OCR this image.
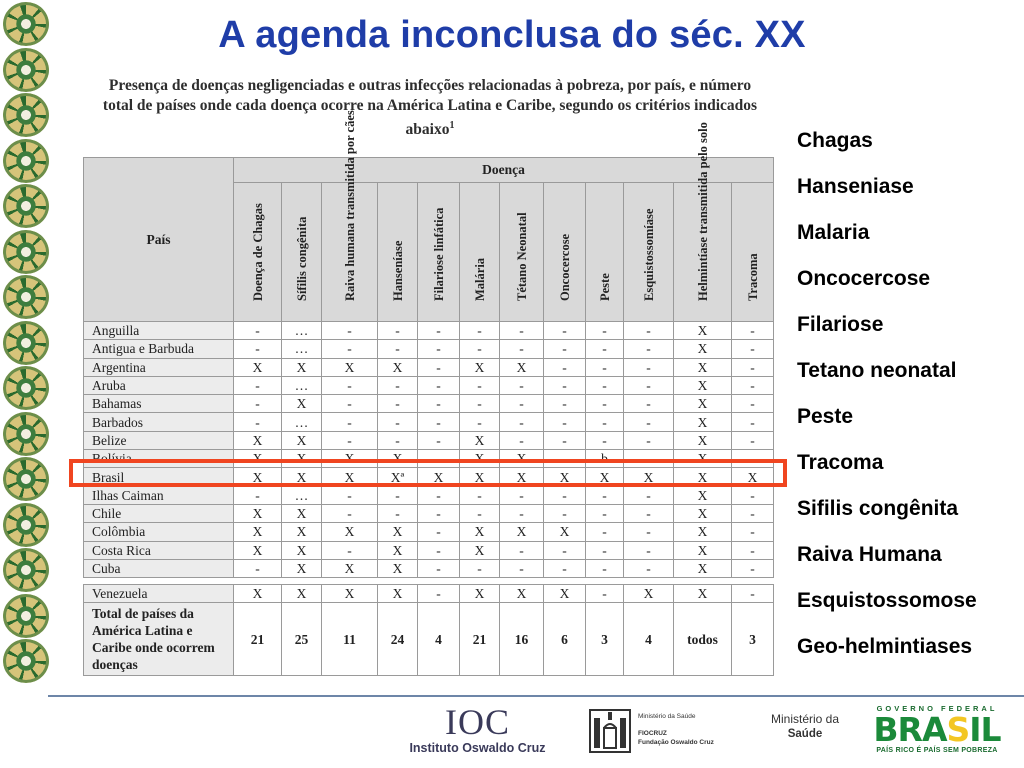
A agenda inconclusa do séc. XX
Presença de doenças negligenciadas e outras infecções relacionadas à pobreza, por país, e número total de países onde cada doença ocorre na América Latina e Caribe, segundo os critérios indicados abaixo$^1$
País	Doença											

	Doença de Chagas	Sífilis congênita	Raiva humana transmitida por cães	Hanseníase	Filariose linfática	Malária	Tétano Neonatal	Oncocercose	Peste	Esquistossomíase	Helmintíase transmitida pelo solo	Tracoma

Anguilla	-	…	-	-	-	-	-	-	-	-	X	-
Antigua e Barbuda	-	…	-	-	-	-	-	-	-	-	X	-
Argentina	X	X	X	X	-	X	X	-	-	-	X	-
Aruba	-	…	-	-	-	-	-	-	-	-	X	-
Bahamas	-	X	-	-	-	-	-	-	-	-	X	-
Barbados	-	…	-	-	-	-	-	-	-	-	X	-
Belize	X	X	-	-	-	X	-	-	-	-	X	-
Bolívia	X	X	X	X	-	X	X	-	b	-	X	-
Brasil	X	X	X	Xª	X	X	X	X	X	X	X	X
Ilhas Caiman	-	…	-	-	-	-	-	-	-	-	X	-
Chile	X	X	-	-	-	-	-	-	-	-	X	-
Colômbia	X	X	X	X	-	X	X	X	-	-	X	-
Costa Rica	X	X	-	X	-	X	-	-	-	-	X	-
Cuba	-	X	X	X	-	-	-	-	-	-	X	-

Venezuela	X	X	X	X	-	X	X	X	-	X	X	-
Total de países da América Latina e Caribe onde ocorrem doenças	21	25	11	24	4	21	16	6	3	4	todos	3
Chagas
Hanseniase
Malaria
Oncocercose
Filariose
Tetano neonatal
Peste
Tracoma
Sifilis congênita
Raiva Humana
Esquistossomose
Geo-helmintiases
IOC
Instituto Oswaldo Cruz
Ministério da Saúde
FIOCRUZ
Fundação Oswaldo Cruz
Ministério da
Saúde
GOVERNO FEDERAL
BRASIL
PAÍS RICO É PAÍS SEM POBREZA
